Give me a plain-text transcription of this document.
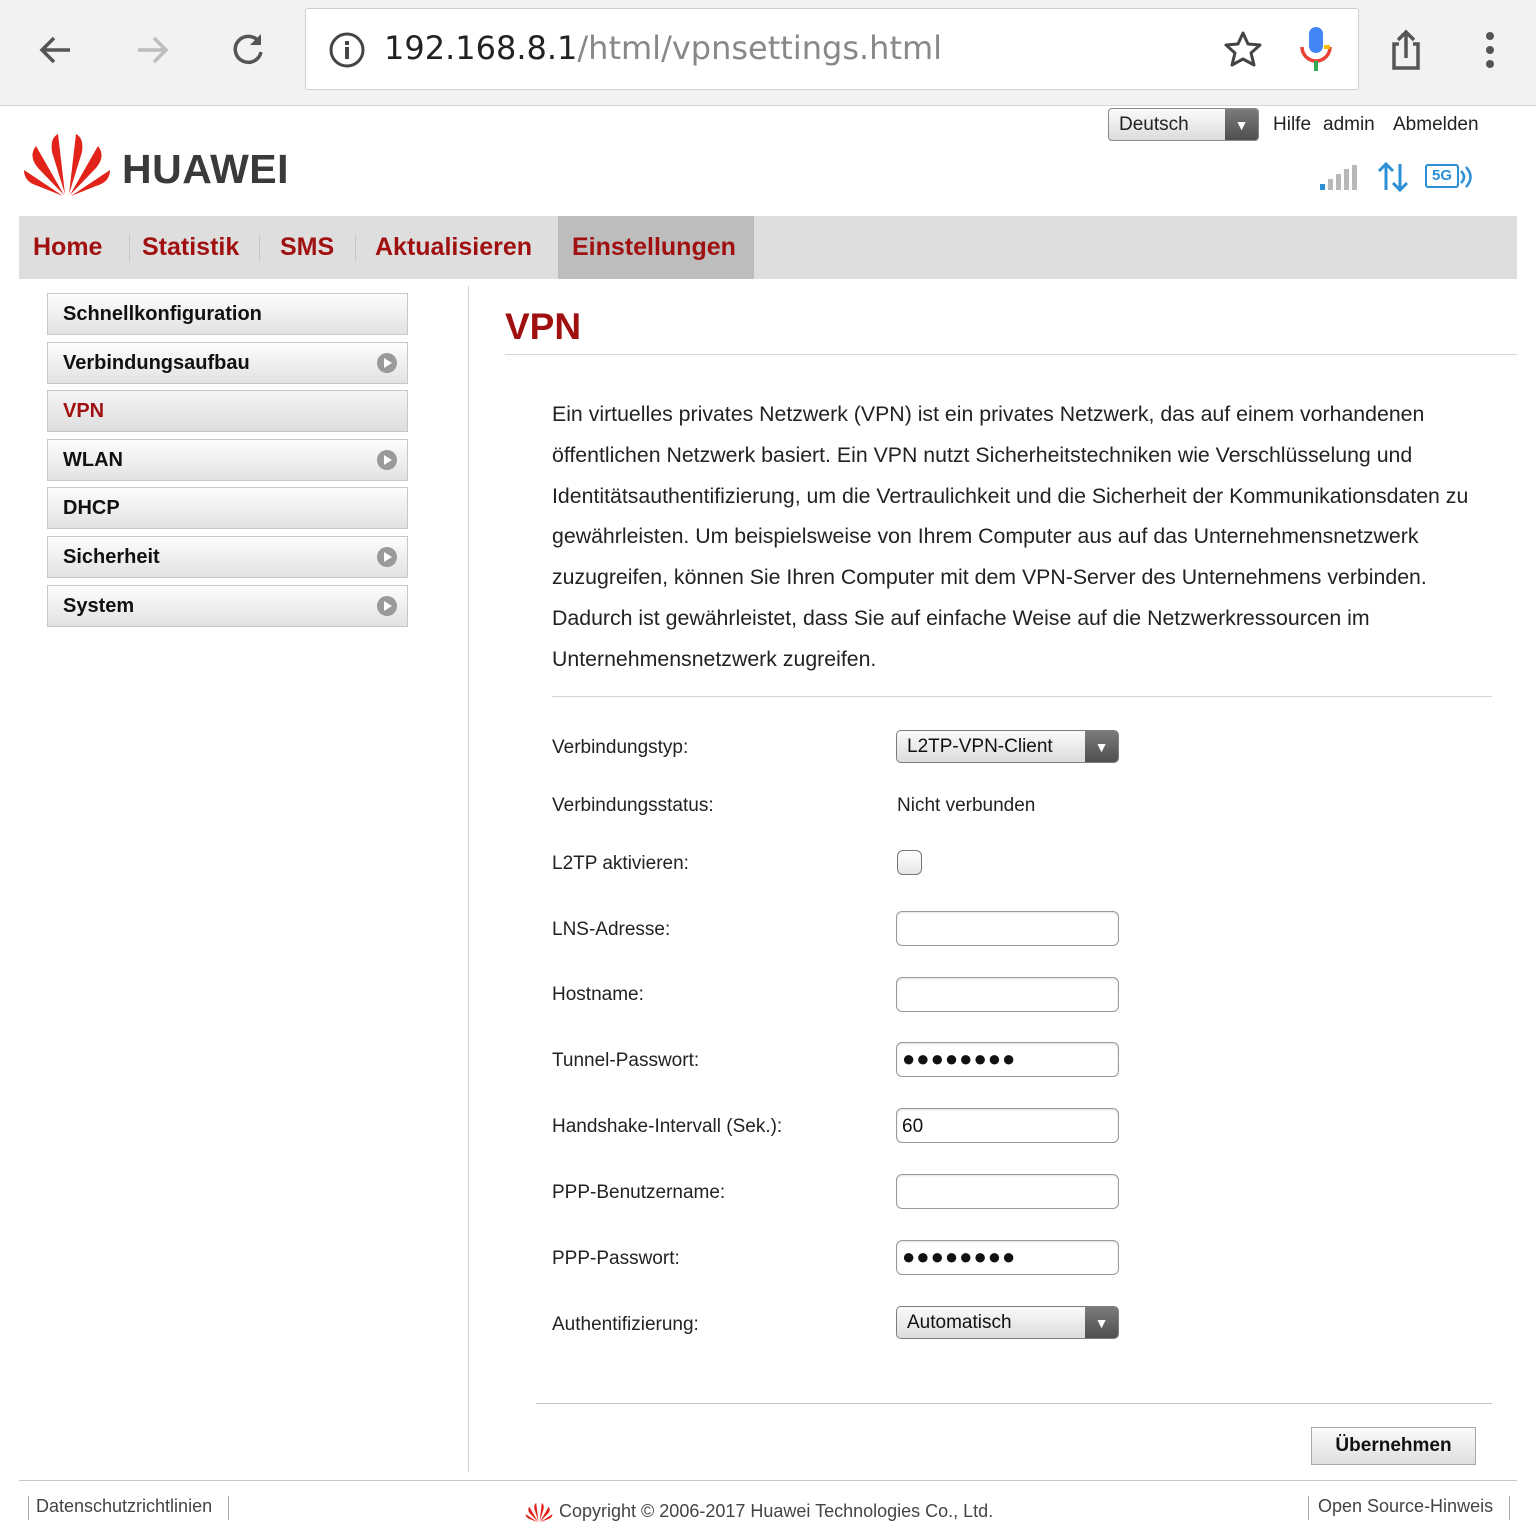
192.168.8.1/html/vpnsettings.html
HUAWEI
Deutsch	▼	Hilfe admin Abmelden
5G
Home	Statistik	SMS	Aktualisieren	Einstellungen
Schnellkonfiguration
Verbindungsaufbau
VPN
WLAN
DHCP
Sicherheit
System
VPN
Ein virtuelles privates Netzwerk (VPN) ist ein privates Netzwerk, das auf einem vorhandenen öffentlichen Netzwerk basiert. Ein VPN nutzt Sicherheitstechniken wie Verschlüsselung und Identitätsauthentifizierung, um die Vertraulichkeit und die Sicherheit der Kommunikationsdaten zu gewährleisten. Um beispielsweise von Ihrem Computer aus auf das Unternehmensnetzwerk zuzugreifen, können Sie Ihren Computer mit dem VPN-Server des Unternehmens verbinden. Dadurch ist gewährleistet, dass Sie auf einfache Weise auf die Netzwerkressourcen im Unternehmensnetzwerk zugreifen.
Verbindungstyp:	L2TP-VPN-Client	▼
Verbindungsstatus:	Nicht verbunden
L2TP aktivieren:
LNS-Adresse:
Hostname:
Tunnel-Passwort:	●●●●●●●●
Handshake-Intervall (Sek.):	60
PPP-Benutzername:
PPP-Passwort:	●●●●●●●●
Authentifizierung:	Automatisch	▼
Übernehmen
Datenschutzrichtlinien	Copyright © 2006-2017 Huawei Technologies Co., Ltd.	Open Source-Hinweis
